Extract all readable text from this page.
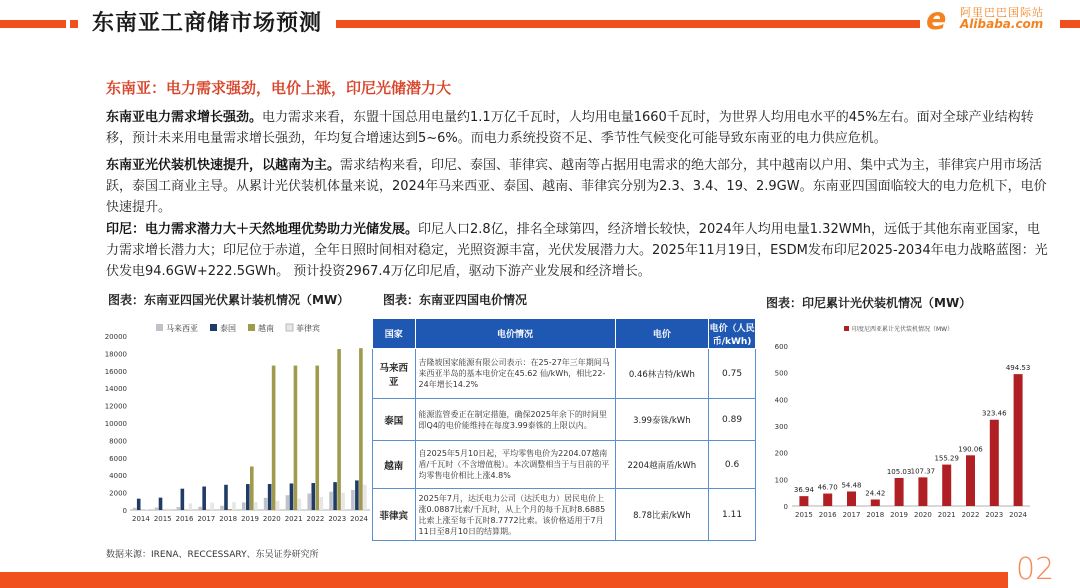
东南亚工商储市场预测	e 阿里巴巴国际站
Alibaba.com
东南亚：电力需求强劲，电价上涨，印尼光储潜力大
东南亚电力需求增长强劲。电力需求来看，东盟十国总用电量约1.1万亿千瓦时，人均用电量1660千瓦时，为世界人均用电水平的45%左右。面对全球产业结构转移，预计未来用电量需求增长强劲，年均复合增速达到5~6%。而电力系统投资不足、季节性气候变化可能导致东南亚的电力供应危机。
东南亚光伏装机快速提升，以越南为主。需求结构来看，印尼、泰国、菲律宾、越南等占据用电需求的绝大部分，其中越南以户用、集中式为主，菲律宾户用市场活跃，泰国工商业主导。从累计光伏装机体量来说，2024年马来西亚、泰国、越南、菲律宾分别为2.3、3.4、19、2.9GW。东南亚四国面临较大的电力危机下，电价快速提升。
印尼：电力需求潜力大＋天然地理优势助力光储发展。印尼人口2.8亿，排名全球第四，经济增长较快，2024年人均用电量1.32WMh，远低于其他东南亚国家，电力需求增长潜力大；印尼位于赤道，全年日照时间相对稳定，光照资源丰富，光伏发展潜力大。2025年11月19日，ESDM发布印尼2025-2034年电力战略蓝图：光伏发电94.6GW+222.5GWh。 预计投资2967.4万亿印尼盾，驱动下游产业发展和经济增长。
图表：东南亚四国光伏累计装机情况（MW）	图表：东南亚四国电价情况	图表：印尼累计光伏装机情况（MW）
马来西亚	泰国	越南	菲律宾
0
2000
4000
6000
8000
10000
12000
14000
16000
18000
20000
2014 2015 2016 2017 2018 2019 2020 2021 2022 2023 2024
国家	电价情况	电价	电价（人民币/kWh)
马来西亚	吉隆坡国家能源有限公司表示：在25-27年三年期间马来西亚半岛的基本电价定在45.62 仙/kWh，相比22-24年增长14.2%	0.46林吉特/kWh	0.75
泰国	能源监管委正在制定措施，确保2025年余下的时间里即Q4的电价能维持在每度3.99泰铢的上限以内。	3.99泰铢/kWh	0.89
越南	自2025年5月10日起，平均零售电价为2204.07越南盾/千瓦时（不含增值税）。本次调整相当于与目前的平均零售电价相比上涨4.8%	2204越南盾/kWh	0.6
菲律宾	2025年7月，达沃电力公司（达沃电力）居民电价上涨0.0887比索/千瓦时，从上个月的每千瓦时8.6885比索上涨至每千瓦时8.7772比索。该价格适用于7月11日至8月10日的结算期。	8.78比索/kWh	1.11
印度尼西亚累计光伏装机情况（MW）
0
100
200
300
400
500
600
36.94
2015
46.70
2016
54.48
2017
24.42
2018
105.03
2019
107.37
2020
155.29
2021
190.06
2022
323.46
2023
494.53
2024
数据来源：IRENA、RECCESSARY、东吴证券研究所	02
